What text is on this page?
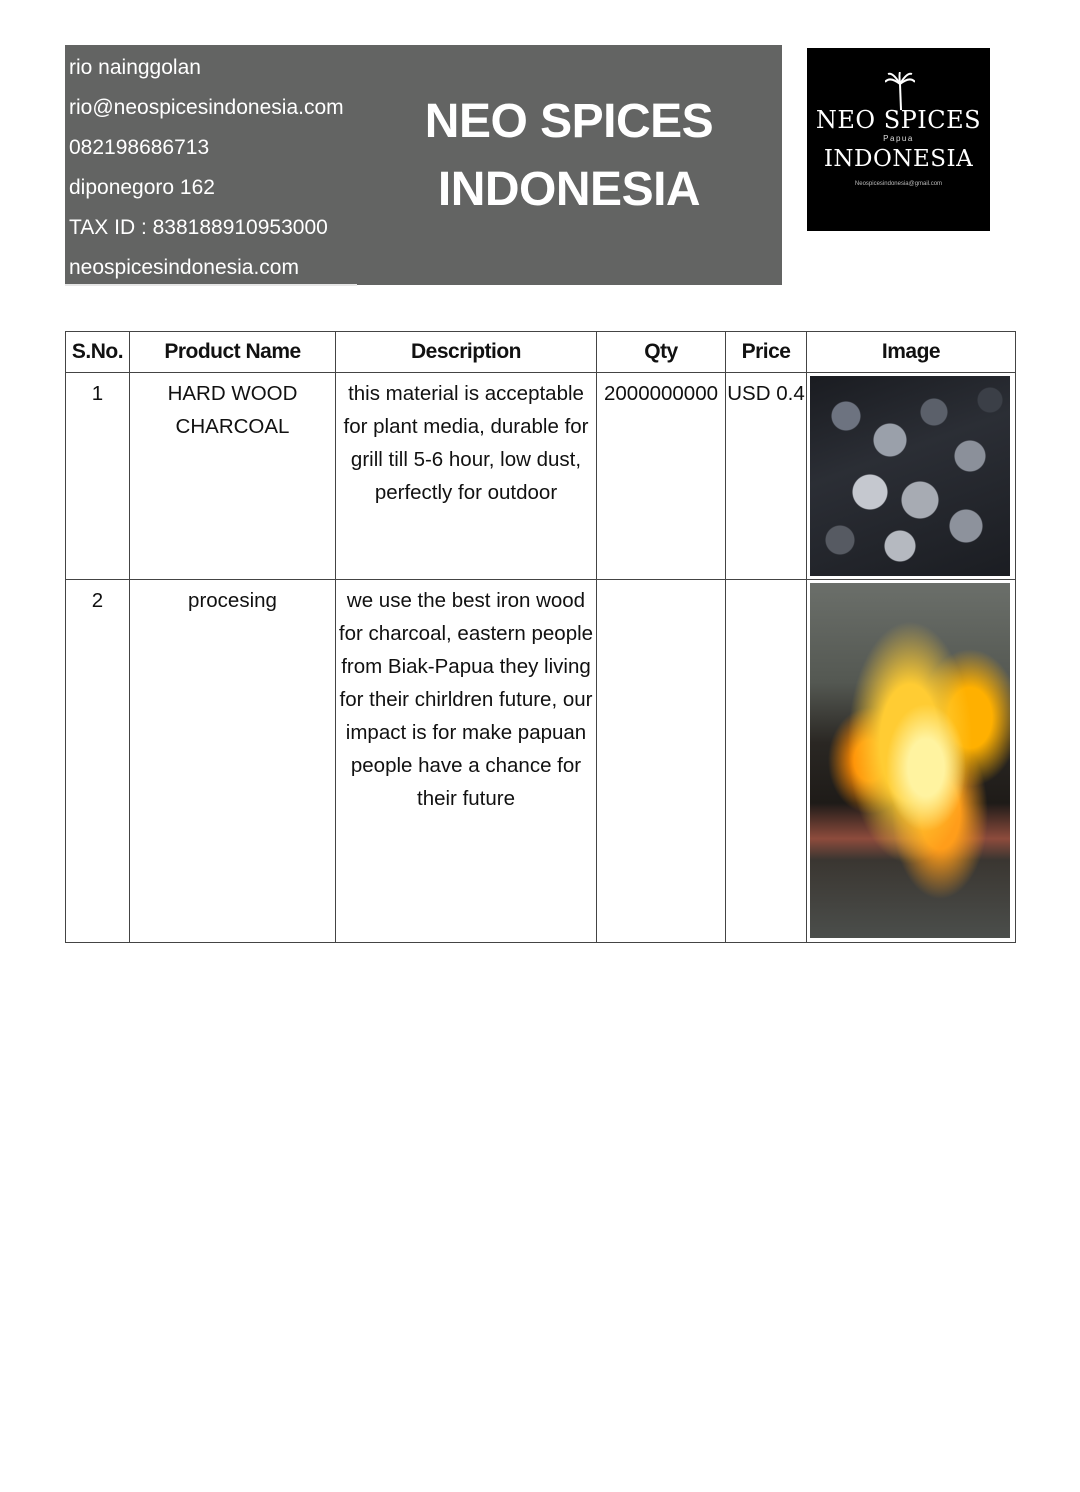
rio nainggolan
rio@neospicesindonesia.com
082198686713
diponegoro 162
TAX ID : 838188910953000
neospicesindonesia.com
NEO SPICES
INDONESIA
NEO SPICES
Papua
INDONESIA
Neospicesindonesia@gmail.com
S.No.	Product Name	Description	Qty	Price	Image
1	HARD WOOD CHARCOAL	this material is acceptable for plant media, durable for grill till 5-6 hour, low dust, perfectly for outdoor	2000000000	USD 0.4	

2	procesing	we use the best iron wood for charcoal, eastern people from Biak-Papua they living for their chirldren future, our impact is for make papuan people have a chance for their future			
